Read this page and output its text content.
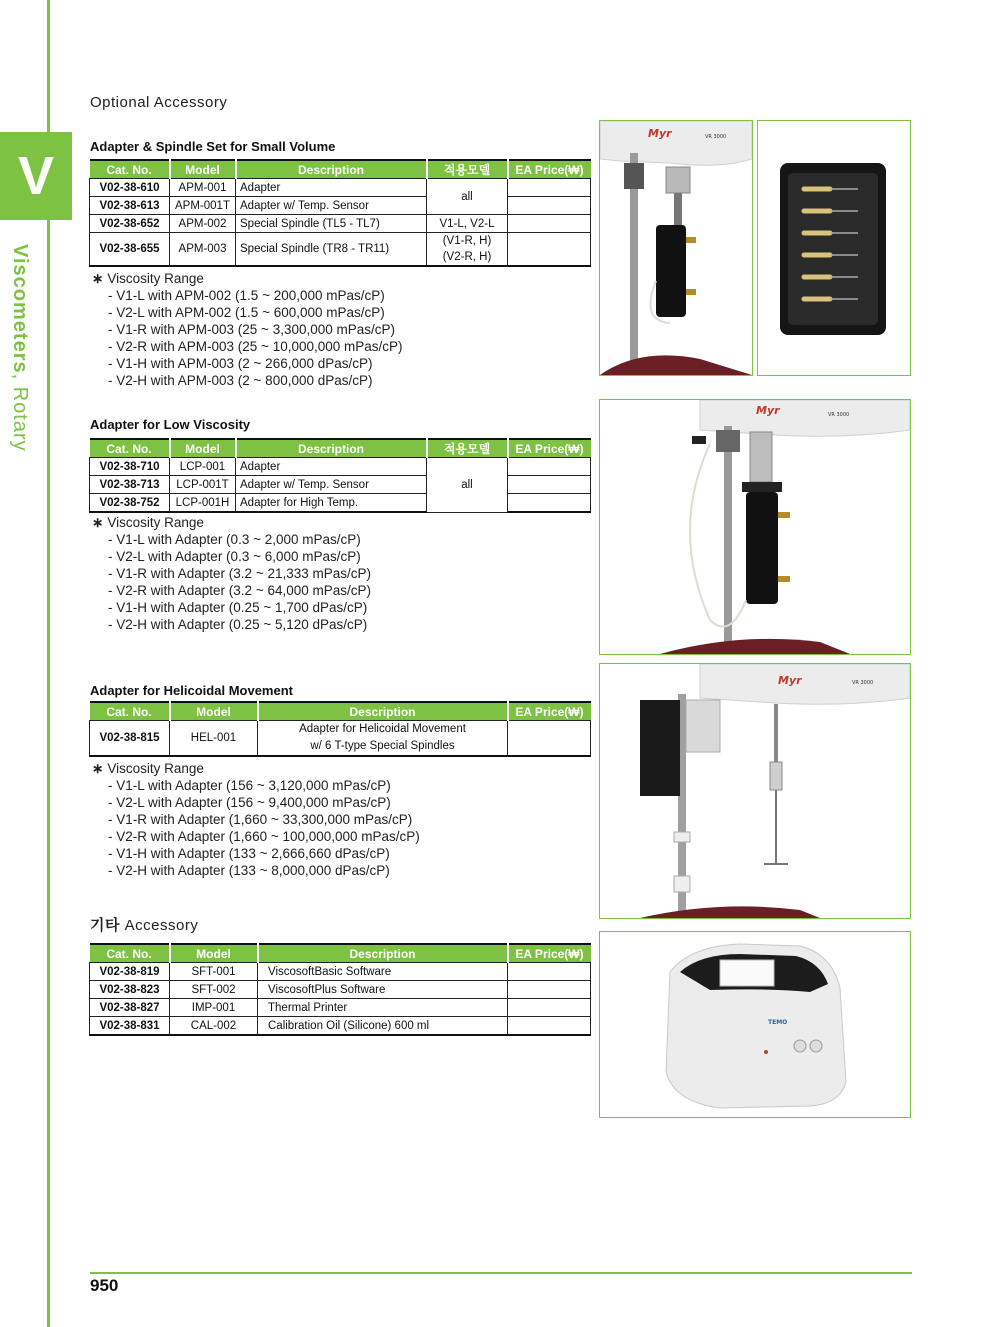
V
Viscometers, Rotary
Optional Accessory
Adapter & Spindle Set for Small Volume
Cat. No.	Model	Description	적용모델	EA Price(₩)
V02-38-610	APM-001	Adapter	all	
V02-38-613	APM-001T	Adapter w/ Temp. Sensor		
V02-38-652	APM-002	Special Spindle (TL5 - TL7)	V1-L, V2-L	
V02-38-655	APM-003	Special Spindle (TR8 - TR11)	(V1-R, H)
(V2-R, H)	

∗ Viscosity Range
- V1-L with APM-002 (1.5 ~ 200,000 mPas/cP)
- V2-L with APM-002 (1.5 ~ 600,000 mPas/cP)
- V1-R with APM-003 (25 ~ 3,300,000 mPas/cP)
- V2-R with APM-003 (25 ~ 10,000,000 mPas/cP)
- V1-H with APM-003 (2 ~ 266,000 dPas/cP)
- V2-H with APM-003 (2 ~ 800,000 dPas/cP)
Adapter for Low Viscosity
Cat. No.	Model	Description	적용모델	EA Price(₩)
V02-38-710	LCP-001	Adapter	all	
V02-38-713	LCP-001T	Adapter w/ Temp. Sensor		
V02-38-752	LCP-001H	Adapter for High Temp.		
∗ Viscosity Range
- V1-L with Adapter (0.3 ~ 2,000 mPas/cP)
- V2-L with Adapter (0.3 ~ 6,000 mPas/cP)
- V1-R with Adapter (3.2 ~ 21,333 mPas/cP)
- V2-R with Adapter (3.2 ~ 64,000 mPas/cP)
- V1-H with Adapter (0.25 ~ 1,700 dPas/cP)
- V2-H with Adapter (0.25 ~ 5,120 dPas/cP)
Adapter for Helicoidal Movement
Cat. No.	Model	Description	EA Price(₩)
V02-38-815	HEL-001	Adapter for Helicoidal Movement
w/ 6 T-type Special Spindles	

∗ Viscosity Range
- V1-L with Adapter (156 ~ 3,120,000 mPas/cP)
- V2-L with Adapter (156 ~ 9,400,000 mPas/cP)
- V1-R with Adapter (1,660 ~ 33,300,000 mPas/cP)
- V2-R with Adapter (1,660 ~ 100,000,000 mPas/cP)
- V1-H with Adapter (133 ~ 2,666,660 dPas/cP)
- V2-H with Adapter (133 ~ 8,000,000 dPas/cP)
기타 Accessory
Cat. No.	Model	Description	EA Price(₩)
V02-38-819	SFT-001	ViscosoftBasic Software	
V02-38-823	SFT-002	ViscosoftPlus Software	
V02-38-827	IMP-001	Thermal Printer	
V02-38-831	CAL-002	Calibration Oil (Silicone) 600 ml	
Myr	VR 3000
Myr	VR 3000
Myr	VR 3000
TEMO
950
